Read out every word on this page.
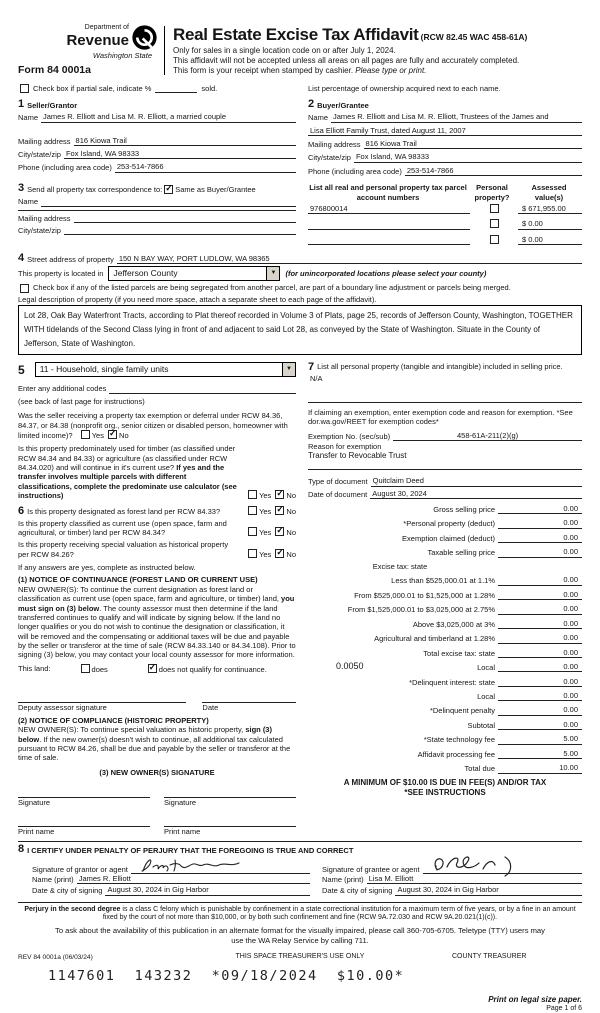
Department of
Revenue
Washington State
Form 84 0001a
Real Estate Excise Tax Affidavit (RCW 82.45 WAC 458-61A)
Only for sales in a single location code on or after July 1, 2024.
This affidavit will not be accepted unless all areas on all pages are fully and accurately completed.
This form is your receipt when stamped by cashier. Please type or print.
Check box if partial sale, indicate %	sold.	List percentage of ownership acquired next to each name.
1 Seller/Grantor
Name James R. Elliott and Lisa M. R. Elliott, a married couple
Mailing address 816 Kiowa Trail
City/state/zip Fox Island, WA 98333
Phone (including area code) 253-514-7866
2 Buyer/Grantee
Name James R. Elliott and Lisa M. R. Elliott, Trustees of the James and
Lisa Elliott Family Trust, dated August 11, 2007
Mailing address 816 Kiowa Trail
City/state/zip Fox Island, WA 98333
Phone (including area code) 253-514-7866
3 Send all property tax correspondence to: ✓ Same as Buyer/Grantee
Name
Mailing address
City/state/zip
List all real and personal property tax parcel account numbers
Personal
property?
Assessed
value(s)
976800014	$ 671,955.00

$ 0.00

$ 0.00
4 Street address of property 150 N BAY WAY, PORT LUDLOW, WA 98365
This property is located in	Jefferson County	▼	(for unincorporated locations please select your county)
Check box if any of the listed parcels are being segregated from another parcel, are part of a boundary line adjustment or parcels being merged.
Legal description of property (if you need more space, attach a separate sheet to each page of the affidavit).
Lot 28, Oak Bay Waterfront Tracts, according to Plat thereof recorded in Volume 3 of Plats, page 25, records of Jefferson County, Washington, TOGETHER WITH tidelands of the Second Class lying in front of and adjacent to said Lot 28, as conveyed by the State of Washington. Situate in the County of Jefferson, State of Washington.
5	11 - Household, single family units	▼
Enter any additional codes
(see back of last page for instructions)
Was the seller receiving a property tax exemption or deferral under RCW 84.36, 84.37, or 84.38 (nonprofit org., senior citizen or disabled person, homeowner with limited income)?	Yes ✓ No
Is this property predominately used for timber (as classified under RCW 84.34 and 84.33) or agriculture (as classified under RCW 84.34.020) and will continue in it's current use? If yes and the transfer involves multiple parcels with different classifications, complete the predominate use calculator (see instructions)	Yes ✓ No
6 Is this property designated as forest land per RCW 84.33?	Yes ✓ No
Is this property classified as current use (open space, farm and agricultural, or timber) land per RCW 84.34?	Yes ✓ No
Is this property receiving special valuation as historical property per RCW 84.26?	Yes ✓ No
If any answers are yes, complete as instructed below.
(1) NOTICE OF CONTINUANCE (FOREST LAND OR CURRENT USE)
NEW OWNER(S): To continue the current designation as forest land or classification as current use (open space, farm and agriculture, or timber) land, you must sign on (3) below. The county assessor must then determine if the land transferred continues to qualify and will indicate by signing below. If the land no longer qualifies or you do not wish to continue the designation or classification, it will be removed and the compensating or additional taxes will be due and payable by the seller or transferor at the time of sale (RCW 84.33.140 or 84.34.108). Prior to signing (3) below, you may contact your local county assessor for more information.
This land:	does ✓	does not qualify for continuance.

Deputy assessor signature	Date
(2) NOTICE OF COMPLIANCE (HISTORIC PROPERTY)
NEW OWNER(S): To continue special valuation as historic property, sign (3) below. If the new owner(s) doesn't wish to continue, all additional tax calculated pursuant to RCW 84.26, shall be due and payable by the seller or transferor at the time of sale.
(3) NEW OWNER(S) SIGNATURE
Signature	Signature
Print name	Print name
7 List all personal property (tangible and intangible) included in selling price.
N/A
If claiming an exemption, enter exemption code and reason for exemption. *See dor.wa.gov/REET for exemption codes*
Exemption No. (sec/sub)	458-61A-211(2)(g)
Reason for exemption
Transfer to Revocable Trust
Type of document Quitclaim Deed
Date of document August 30, 2024
Gross selling price	0.00
*Personal property (deduct)	0.00
Exemption claimed (deduct)	0.00
Taxable selling price	0.00
Excise tax: state
Less than $525,000.01 at 1.1%	0.00
From $525,000.01 to $1,525,000 at 1.28%	0.00
From $1,525,000.01 to $3,025,000 at 2.75%	0.00
Above $3,025,000 at 3%	0.00
Agricultural and timberland at 1.28%	0.00
Total excise tax: state	0.00
0.0050	Local	0.00
*Delinquent interest: state	0.00
Local	0.00
*Delinquent penalty	0.00
Subtotal	0.00
*State technology fee	5.00
Affidavit processing fee	5.00
Total due	10.00
A MINIMUM OF $10.00 IS DUE IN FEE(S) AND/OR TAX
*SEE INSTRUCTIONS
8 I CERTIFY UNDER PENALTY OF PERJURY THAT THE FOREGOING IS TRUE AND CORRECT
Signature of grantor or agent
Name (print) James R. Elliott
Date & city of signing August 30, 2024 in Gig Harbor
Signature of grantee or agent
Name (print) Lisa M. Elliott
Date & city of signing August 30, 2024 in Gig Harbor
Perjury in the second degree is a class C felony which is punishable by confinement in a state correctional institution for a maximum term of five years, or by a fine in an amount fixed by the court of not more than $10,000, or by both such confinement and fine (RCW 9A.72.030 and RCW 9A.20.021(1)(c)).
To ask about the availability of this publication in an alternate format for the visually impaired, please call 360-705-6705. Teletype (TTY) users may use the WA Relay Service by calling 711.
REV 84 0001a (06/03/24)	THIS SPACE TREASURER'S USE ONLY	COUNTY TREASURER
1147601  143232  *09/18/2024  $10.00*
Print on legal size paper.
Page 1 of 6
